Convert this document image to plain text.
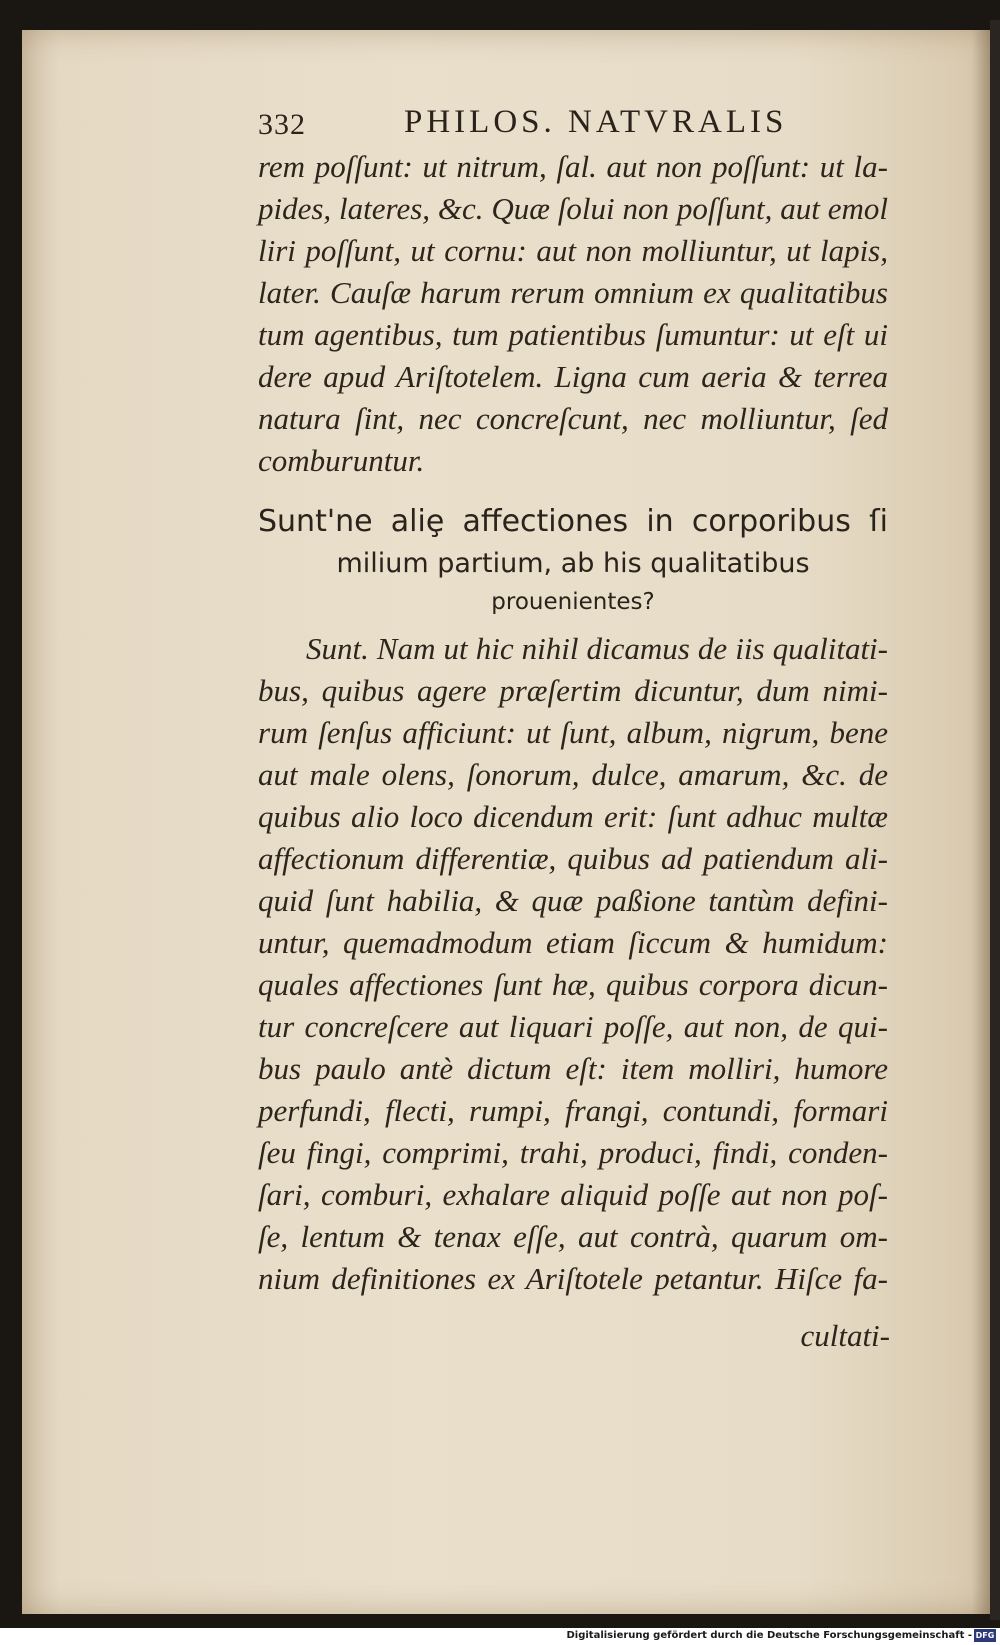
332	PHILOS. NATVRALIS
rem poſſunt: ut nitrum, ſal. aut non poſſunt: ut la-
pides, lateres, &c. Quæ ſolui non poſſunt, aut emol
liri poſſunt, ut cornu: aut non molliuntur, ut lapis,
later. Cauſæ harum rerum omnium ex qualitatibus
tum agentibus, tum patientibus ſumuntur: ut eſt ui
dere apud Ariſtotelem. Ligna cum aeria & terrea
natura ſint, nec concreſcunt, nec molliuntur, ſed
comburuntur.
Sunt'ne aliȩ affectiones in corporibus ſi
milium partium, ab his qualitatibus
prouenientes?
Sunt. Nam ut hic nihil dicamus de iis qualitati-
bus, quibus agere præſertim dicuntur, dum nimi-
rum ſenſus afficiunt: ut ſunt, album, nigrum, bene
aut male olens, ſonorum, dulce, amarum, &c. de
quibus alio loco dicendum erit: ſunt adhuc multæ
affectionum differentiæ, quibus ad patiendum ali-
quid ſunt habilia, & quæ paßione tantùm defini-
untur, quemadmodum etiam ſiccum & humidum:
quales affectiones ſunt hæ, quibus corpora dicun-
tur concreſcere aut liquari poſſe, aut non, de qui-
bus paulo antè dictum eſt: item molliri, humore
perfundi, flecti, rumpi, frangi, contundi, formari
ſeu fingi, comprimi, trahi, produci, findi, conden-
ſari, comburi, exhalare aliquid poſſe aut non poſ-
ſe, lentum & tenax eſſe, aut contrà, quarum om-
nium definitiones ex Ariſtotele petantur. Hiſce fa-
cultati-
Digitalisierung gefördert durch die Deutsche Forschungsgemeinschaft - DFG
